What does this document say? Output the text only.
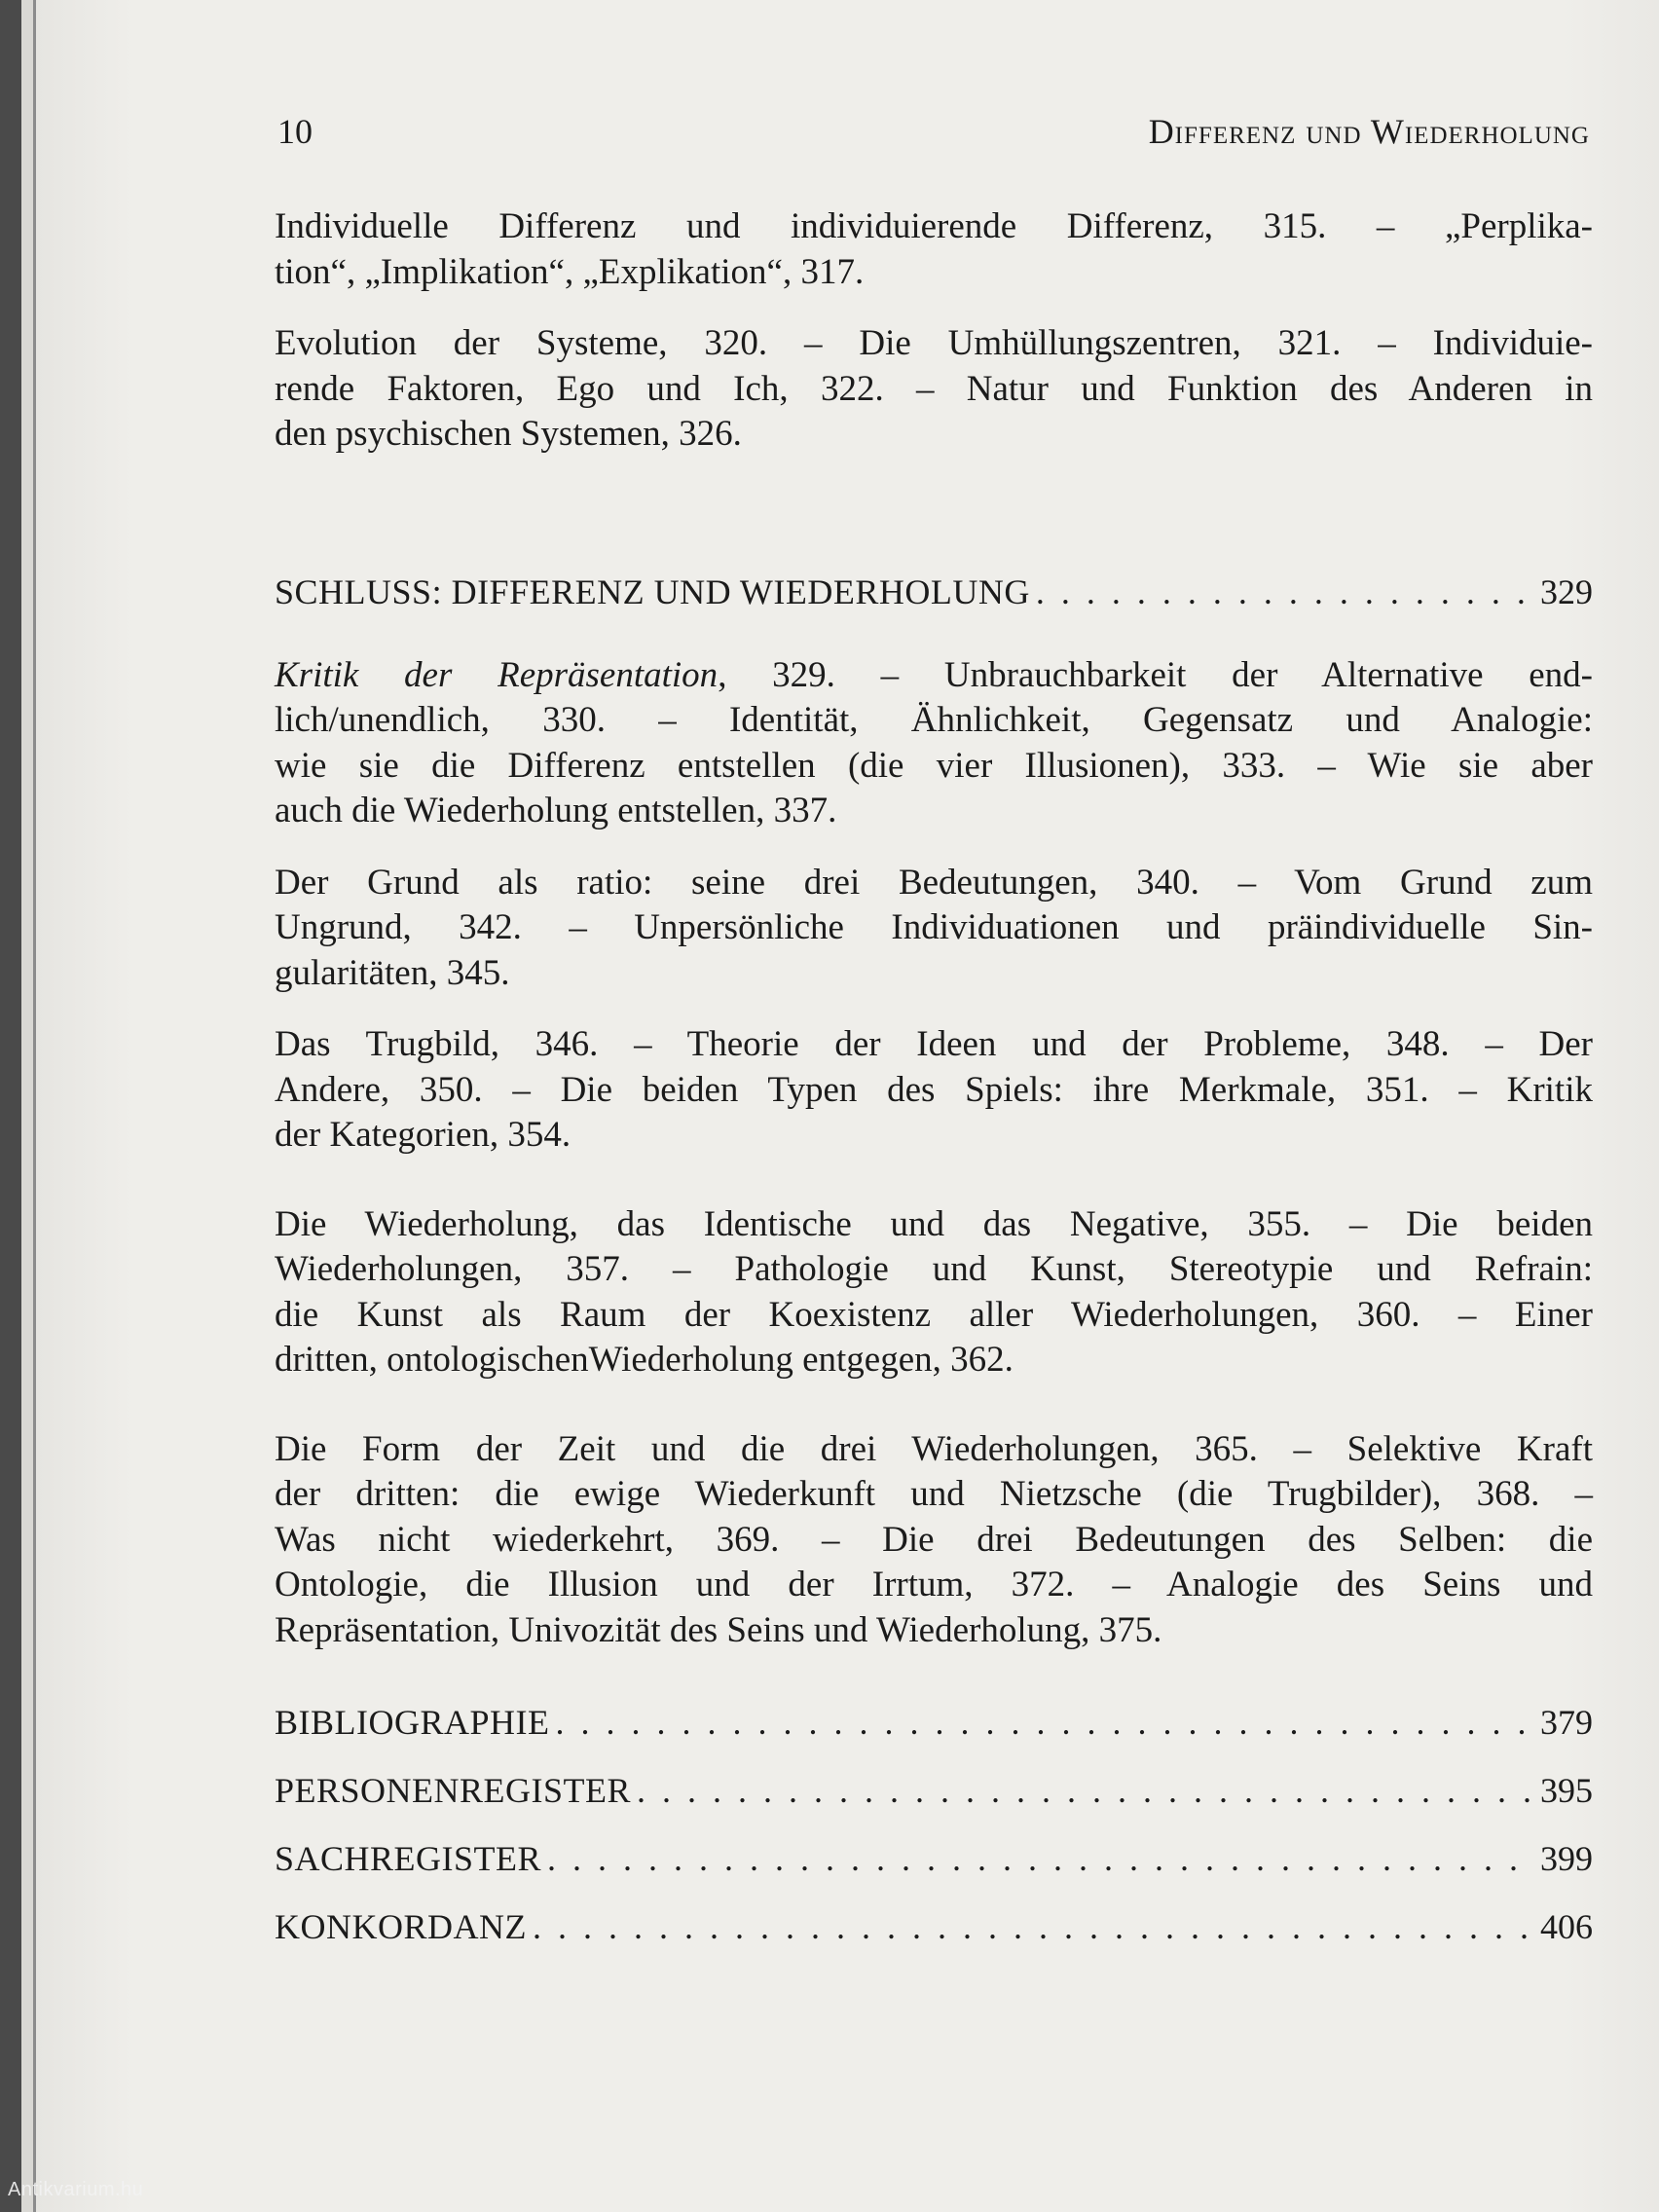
10	Differenz und Wiederholung
Individuelle Differenz und individuierende Differenz, 315. – „Perplika-
tion“, „Implikation“, „Explikation“, 317.
Evolution der Systeme, 320. – Die Umhüllungszentren, 321. – Individuie-
rende Faktoren, Ego und Ich, 322. – Natur und Funktion des Anderen in
den psychischen Systemen, 326.
SCHLUSS: DIFFERENZ UND WIEDERHOLUNG . . .	329
Kritik der Repräsentation, 329. – Unbrauchbarkeit der Alternative end-
lich/unendlich, 330. – Identität, Ähnlichkeit, Gegensatz und Analogie:
wie sie die Differenz entstellen (die vier Illusionen), 333. – Wie sie aber
auch die Wiederholung entstellen, 337.
Der Grund als ratio: seine drei Bedeutungen, 340. – Vom Grund zum
Ungrund, 342. – Unpersönliche Individuationen und präindividuelle Sin-
gularitäten, 345.
Das Trugbild, 346. – Theorie der Ideen und der Probleme, 348. – Der
Andere, 350. – Die beiden Typen des Spiels: ihre Merkmale, 351. – Kritik
der Kategorien, 354.
Die Wiederholung, das Identische und das Negative, 355. – Die beiden
Wiederholungen, 357. – Pathologie und Kunst, Stereotypie und Refrain:
die Kunst als Raum der Koexistenz aller Wiederholungen, 360. – Einer
dritten, ontologischenWiederholung entgegen, 362.
Die Form der Zeit und die drei Wiederholungen, 365. – Selektive Kraft
der dritten: die ewige Wiederkunft und Nietzsche (die Trugbilder), 368. –
Was nicht wiederkehrt, 369. – Die drei Bedeutungen des Selben: die
Ontologie, die Illusion und der Irrtum, 372. – Analogie des Seins und
Repräsentation, Univozität des Seins und Wiederholung, 375.
BIBLIOGRAPHIE . . .	379
PERSONENREGISTER . . .	395
SACHREGISTER . . .	399
KONKORDANZ . . .	406
Antikvarium.hu
